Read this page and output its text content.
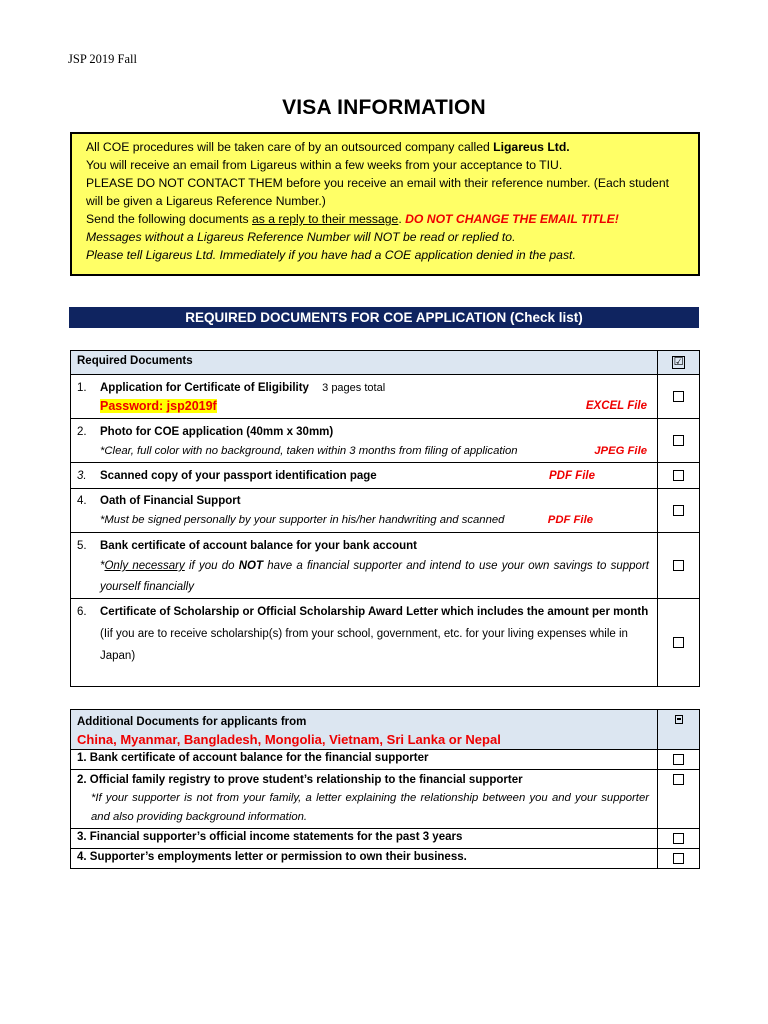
JSP 2019 Fall
VISA INFORMATION
All COE procedures will be taken care of by an outsourced company called Ligareus Ltd.
You will receive an email from Ligareus within a few weeks from your acceptance to TIU.
PLEASE DO NOT CONTACT THEM before you receive an email with their reference number. (Each student
will be given a Ligareus Reference Number.)
Send the following documents as a reply to their message. DO NOT CHANGE THE EMAIL TITLE!
Messages without a Ligareus Reference Number will NOT be read or replied to.
Please tell Ligareus Ltd. Immediately if you have had a COE application denied in the past.
REQUIRED DOCUMENTS FOR COE APPLICATION (Check list)
Required Documents	☑

1. Application for Certificate of Eligibility 3 pages total
Password: jsp2019f EXCEL File	

2. Photo for COE application (40mm x 30mm)
*Clear, full color with no background, taken within 3 months from filing of application JPEG File	

3. Scanned copy of your passport identification page PDF File	

4. Oath of Financial Support
*Must be signed personally by your supporter in his/her handwriting and scanned PDF File	

5. Bank certificate of account balance for your bank account
*Only necessary if you do NOT have a financial supporter and intend to use your own savings to support yourself financially	

6. Certificate of Scholarship or Official Scholarship Award Letter which includes the amount per month
(Iif you are to receive scholarship(s) from your school, government, etc. for your living expenses while in Japan)	

Additional Documents for applicants from
China, Myanmar, Bangladesh, Mongolia, Vietnam, Sri Lanka or Nepal	

1. Bank certificate of account balance for the financial supporter	

2. Official family registry to prove student’s relationship to the financial supporter
*If your supporter is not from your family, a letter explaining the relationship between you and your supporter and also providing background information.	

3. Financial supporter’s official income statements for the past 3 years	
4. Supporter’s employments letter or permission to own their business.	
